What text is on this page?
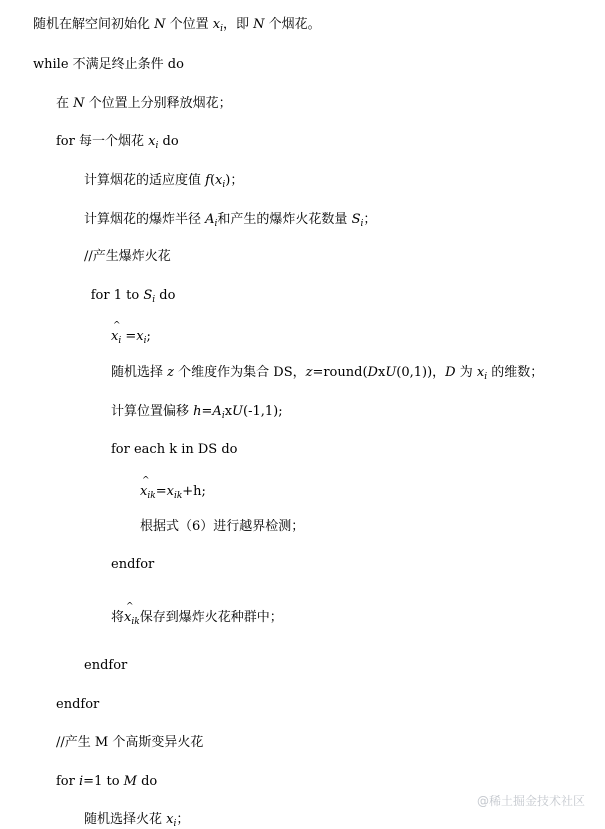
随机在解空间初始化 N 个位置 $x_i$，即 N 个烟花。
while 不满足终止条件 do
在 N 个位置上分别释放烟花；
for 每一个烟花 $x_i$ do
计算烟花的适应度值 $f(x_i)$；
计算烟花的爆炸半径 $A_i$和产生的爆炸火花数量 $S_i$；
//产生爆炸火花
for 1 to $S_i$ do
^ $x_i =x_i$;
随机选择 z 个维度作为集合 DS，z=round(DxU(0,1))，D 为 $x_i$ 的维数；
计算位置偏移 $h=A_ixU(-1,1)$;
for each k in DS do
^ $x_{ik}=x_{ik}+h$;
根据式（6）进行越界检测；
endfor
将^ $x_{ik}$保存到爆炸火花种群中；
endfor
endfor
//产生 M 个高斯变异火花
for i=1 to M do
随机选择火花 $x_i$；
@稀土掘金技术社区
